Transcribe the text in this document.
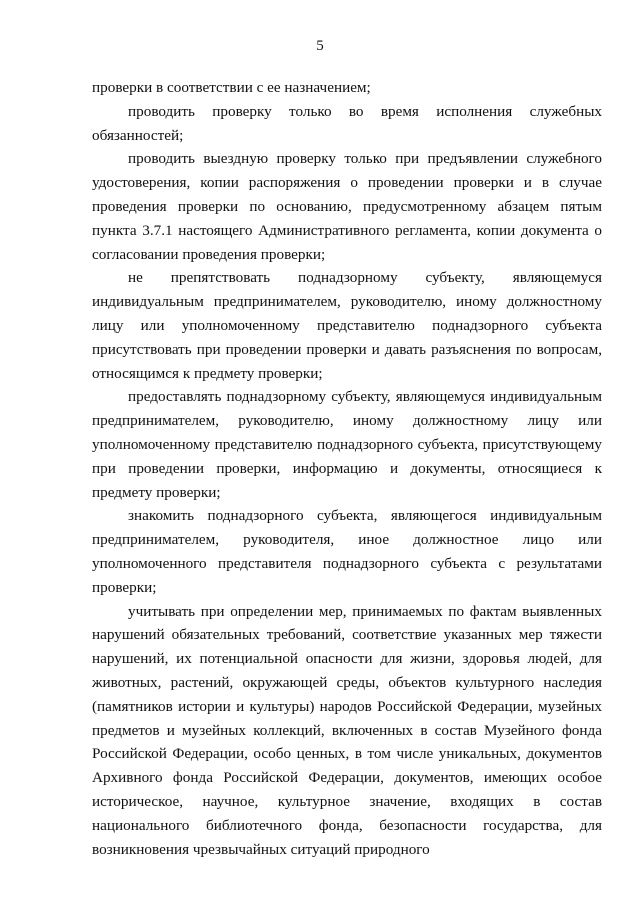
5

проверки в соответствии с ее назначением;

проводить проверку только во время исполнения служебных обязанностей;

проводить выездную проверку только при предъявлении служебного удостоверения, копии распоряжения о проведении проверки и в случае проведения проверки по основанию, предусмотренному абзацем пятым пункта 3.7.1 настоящего Административного регламента, копии документа о согласовании проведения проверки;

не препятствовать поднадзорному субъекту, являющемуся индивидуальным предпринимателем, руководителю, иному должностному лицу или уполномоченному представителю поднадзорного субъекта присутствовать при проведении проверки и давать разъяснения по вопросам, относящимся к предмету проверки;

предоставлять поднадзорному субъекту, являющемуся индивидуальным предпринимателем, руководителю, иному должностному лицу или уполномоченному представителю поднадзорного субъекта, присутствующему при проведении проверки, информацию и документы, относящиеся к предмету проверки;

знакомить поднадзорного субъекта, являющегося индивидуальным предпринимателем, руководителя, иное должностное лицо или уполномоченного представителя поднадзорного субъекта с результатами проверки;

учитывать при определении мер, принимаемых по фактам выявленных нарушений обязательных требований, соответствие указанных мер тяжести нарушений, их потенциальной опасности для жизни, здоровья людей, для животных, растений, окружающей среды, объектов культурного наследия (памятников истории и культуры) народов Российской Федерации, музейных предметов и музейных коллекций, включенных в состав Музейного фонда Российской Федерации, особо ценных, в том числе уникальных, документов Архивного фонда Российской Федерации, документов, имеющих особое историческое, научное, культурное значение, входящих в состав национального библиотечного фонда, безопасности государства, для возникновения чрезвычайных ситуаций природного
